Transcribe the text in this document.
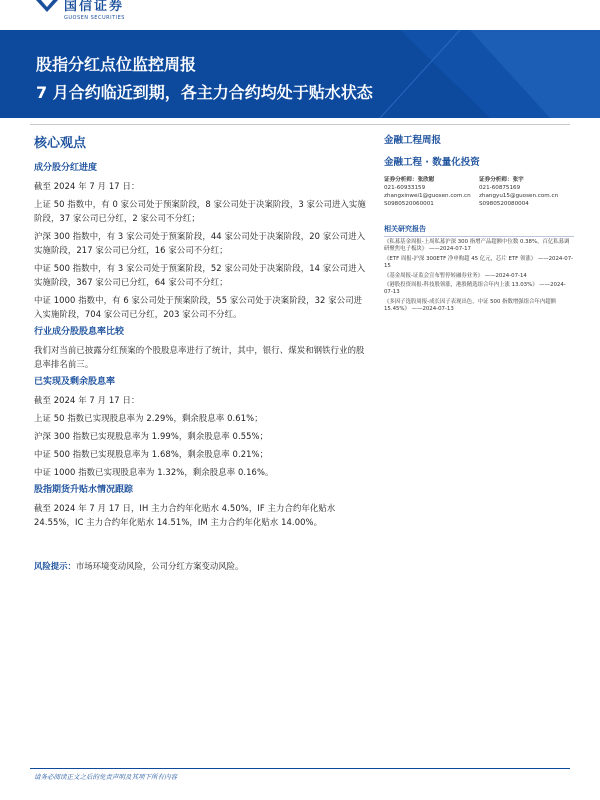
国信证券
GUOSEN SECURITIES
股指分红点位监控周报
7 月合约临近到期，各主力合约均处于贴水状态
核心观点
成分股分红进度

截至 2024 年 7 月 17 日：

上证 50 指数中，有 0 家公司处于预案阶段，8 家公司处于决案阶段，3 家公司进入实施阶段，37 家公司已分红，2 家公司不分红；

沪深 300 指数中，有 3 家公司处于预案阶段，44 家公司处于决案阶段，20 家公司进入实施阶段，217 家公司已分红，16 家公司不分红；

中证 500 指数中，有 3 家公司处于预案阶段，52 家公司处于决案阶段，14 家公司进入实施阶段，367 家公司已分红，64 家公司不分红；

中证 1000 指数中，有 6 家公司处于预案阶段，55 家公司处于决案阶段，32 家公司进入实施阶段，704 家公司已分红，203 家公司不分红。

行业成分股股息率比较

我们对当前已披露分红预案的个股股息率进行了统计，其中，银行、煤炭和钢铁行业的股息率排名前三。

已实现及剩余股息率

截至 2024 年 7 月 17 日：

上证 50 指数已实现股息率为 2.29%，剩余股息率 0.61%；

沪深 300 指数已实现股息率为 1.99%，剩余股息率 0.55%；

中证 500 指数已实现股息率为 1.68%，剩余股息率 0.21%；

中证 1000 指数已实现股息率为 1.32%，剩余股息率 0.16%。

股指期货升贴水情况跟踪

截至 2024 年 7 月 17 日，IH 主力合约年化贴水 4.50%，IF 主力合约年化贴水 24.55%，IC 主力合约年化贴水 14.51%，IM 主力合约年化贴水 14.00%。

风险提示：市场环境变动风险，公司分红方案变动风险。
金融工程周报
金融工程 · 数量化投资
证券分析师：张欣慰
021-60933159
zhangxinwei1@guosen.com.cn
S0980520060001
证券分析师：张宇
021-60875169
zhangyu15@guosen.com.cn
S0980520080004
相关研究报告

《私募基金周报-上周私募沪深 300 指增产品超额中位数 0.38%，百亿私募调研聚焦电子板块》 ——2024-07-17

《ETF 周报-沪深 300ETF 净申购超 45 亿元，芯片 ETF 领涨》 ——2024-07-15

《基金周报-证监会宣布暂停转融券业务》 ——2024-07-14

《港股投资周报-科技股领涨，港股精选组合年内上涨 13.03%》 ——2024-07-13

《多因子选股周报-成长因子表现出色，中证 500 指数增强组合年内超额 15.45%》 ——2024-07-13

请务必阅读正文之后的免责声明及其项下所有内容
